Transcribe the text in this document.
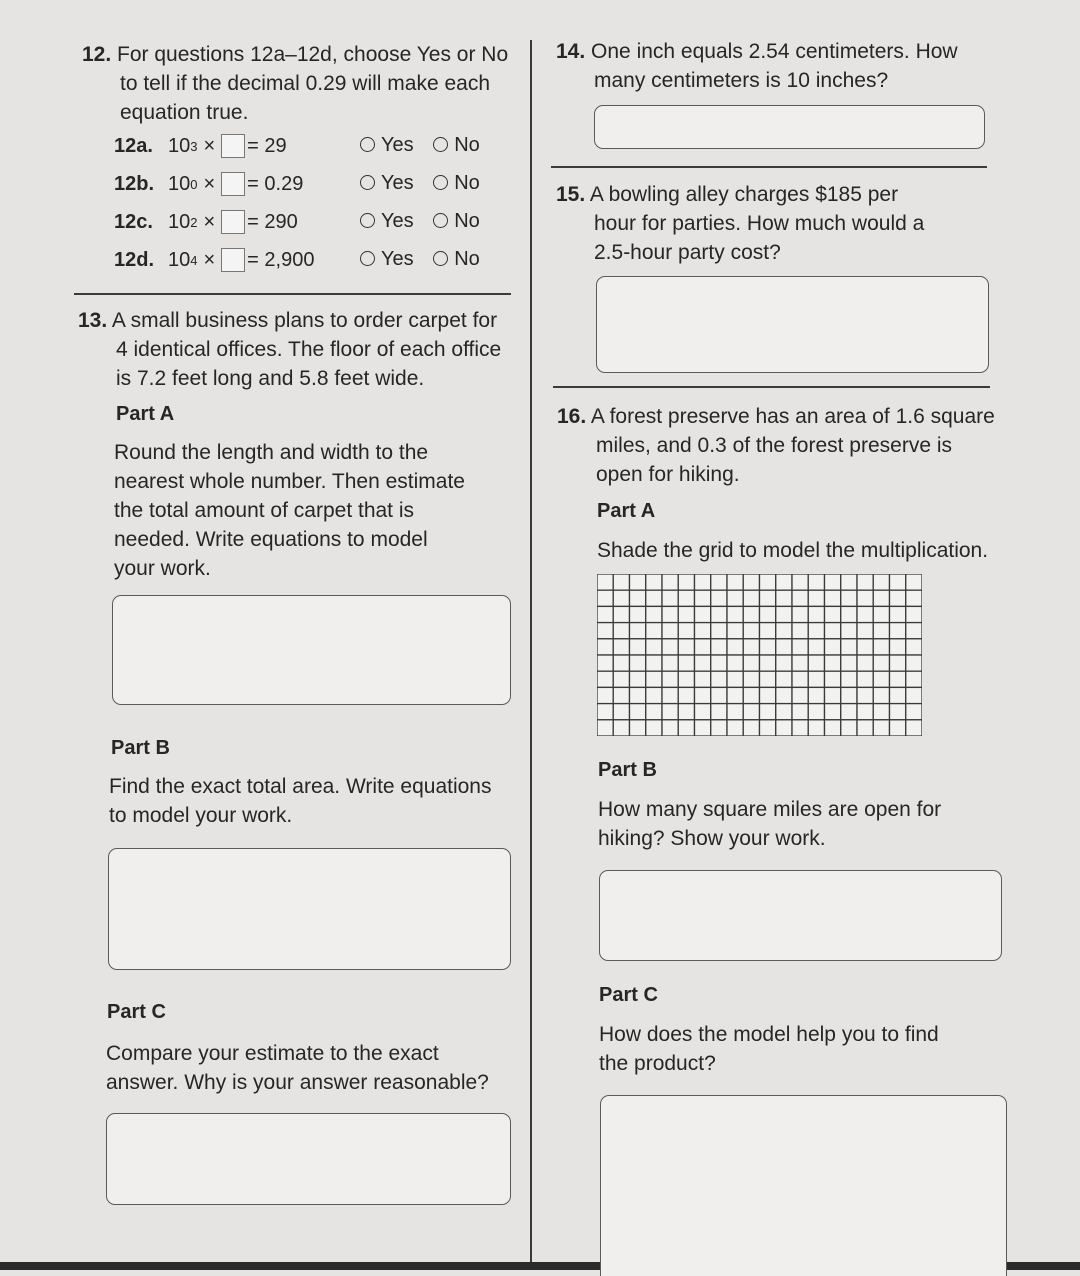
12. For questions 12a–12d, choose Yes or No
to tell if the decimal 0.29 will make each
equation true.
12a. 10 3 × = 29	Yes No
12b. 10 0 × = 0.29	Yes No
12c. 10 2 × = 290	Yes No
12d. 10 4 × = 2,900	Yes No
13. A small business plans to order carpet for
4 identical offices. The floor of each office
is 7.2 feet long and 5.8 feet wide.
Part A
Round the length and width to the
nearest whole number. Then estimate
the total amount of carpet that is
needed. Write equations to model
your work.
Part B
Find the exact total area. Write equations
to model your work.
Part C
Compare your estimate to the exact
answer. Why is your answer reasonable?
14. One inch equals 2.54 centimeters. How
many centimeters is 10 inches?
15. A bowling alley charges $185 per
hour for parties. How much would a
2.5-hour party cost?
16. A forest preserve has an area of 1.6 square
miles, and 0.3 of the forest preserve is
open for hiking.
Part A
Shade the grid to model the multiplication.
Part B
How many square miles are open for
hiking? Show your work.
Part C
How does the model help you to find
the product?
